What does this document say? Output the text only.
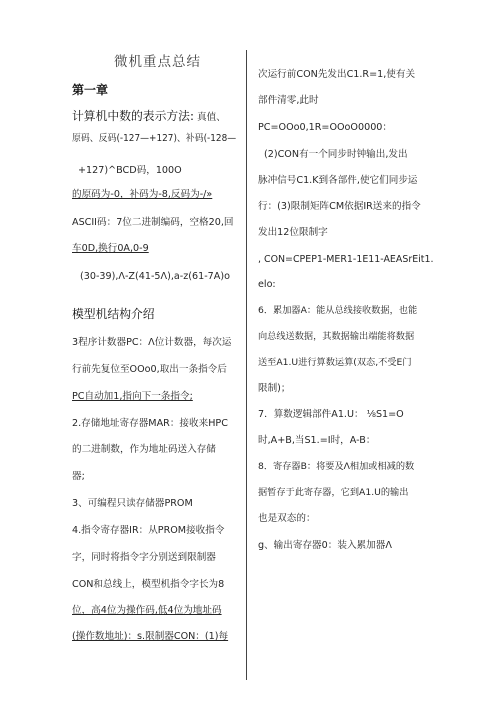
微机重点总结
第一章
计算机中数的表示方法: 真值、
原码、反码(-127—+127)、补码(-128—
+127)^BCD码，100O
的原码为-0，补码为-8,反码为-/»
ASCII码：7位二进制编码，空格20,回
车0D,换行0A,0-9
(30-39),Λ-Z(41-5Λ),a-z(61-7A)o
模型机结构介绍
3程序计数器PC：Λ位计数器，每次运
行前先复位至OOo0,取出一条指令后
PC自动加1,指向下一条指令;
2.存储地址寄存器MAR：接收来HPC
的二进制数，作为地址码送入存储
器;
3、可编程只读存储器PROM
4.指令寄存器IR：从PROM接收指令
字，同时将指令字分别送到限制器
CON和总线上，模型机指令字长为8
位，高4位为操作码,低4位为地址码
(操作数地址)：s.限制器CON：(1)每
次运行前CON先发出C1.R=1,使有关
部件清零,此时
PC=OOo0,1R=OOoO0000：
(2)CON有一个同步时钟输出,发出
脉冲信号C1.K到各部件,使它们同步运
行：(3)限制矩阵CM依据IR送来的指令
发出12位限制字
, CON=CPEP1-MER1-1E11-AEASrEit1.
elo:
6．累加器A：能从总线接收数据，也能
向总线送数据，其数据输出端能将数据
送至A1.U进行算数运算(双态,不受E门
限制)；
7．算数逻辑部件A1.U： ⅛S1=O
时,A+B,当S1.=I时，A-B：
8．寄存器B：将要及Λ相加或相减的数
据暂存于此寄存器，它到A1.U的输出
也是双态的：
g、输出寄存器0：装入累加器Λ
